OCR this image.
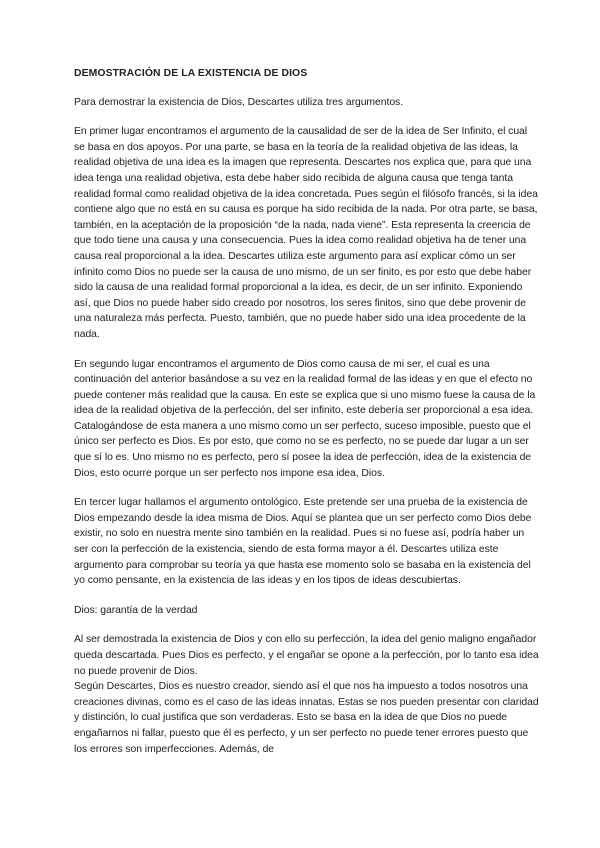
DEMOSTRACIÓN DE LA EXISTENCIA DE DIOS

Para demostrar la existencia de Dios, Descartes utiliza tres argumentos.

En primer lugar encontramos el argumento de la causalidad de ser de la idea de Ser Infinito, el cual se basa en dos apoyos. Por una parte, se basa en la teoría de la realidad objetiva de las ideas, la realidad objetiva de una idea es la imagen que representa. Descartes nos explica que, para que una idea tenga una realidad objetiva, esta debe haber sido recibida de alguna causa que tenga tanta realidad formal como realidad objetiva de la idea concretada. Pues según el filósofo francés, si la idea contiene algo que no está en su causa es porque ha sido recibida de la nada. Por otra parte, se basa, también, en la aceptación de la proposición “de la nada, nada viene”. Esta representa la creencia de que todo tiene una causa y una consecuencia. Pues la idea como realidad objetiva ha de tener una causa real proporcional a la idea. Descartes utiliza este argumento para así explicar cómo un ser infinito como Dios no puede ser la causa de uno mismo, de un ser finito, es por esto que debe haber sido la causa de una realidad formal proporcional a la idea, es decir, de un ser infinito. Exponiendo así, que Dios no puede haber sido creado por nosotros, los seres finitos, sino que debe provenir de una naturaleza más perfecta. Puesto, también, que no puede haber sido una idea procedente de la nada.

En segundo lugar encontramos el argumento de Dios como causa de mi ser, el cual es una continuación del anterior basándose a su vez en la realidad formal de las ideas y en que el efecto no puede contener más realidad que la causa. En este se explica que si uno mismo fuese la causa de la idea de la realidad objetiva de la perfección, del ser infinito, este debería ser proporcional a esa idea. Catalogándose de esta manera a uno mismo como un ser perfecto, suceso imposible, puesto que el único ser perfecto es Dios. Es por esto, que como no se es perfecto, no se puede dar lugar a un ser que sí lo es. Uno mismo no es perfecto, pero sí posee la idea de perfección, idea de la existencia de Dios, esto ocurre porque un ser perfecto nos impone esa idea, Dios.

En tercer lugar hallamos el argumento ontológico. Este pretende ser una prueba de la existencia de Dios empezando desde la idea misma de Dios. Aquí se plantea que un ser perfecto como Dios debe existir, no solo en nuestra mente sino también en la realidad. Pues si no fuese así, podría haber un ser con la perfección de la existencia, siendo de esta forma mayor a él. Descartes utiliza este argumento para comprobar su teoría ya que hasta ese momento solo se basaba en la existencia del yo como pensante, en la existencia de las ideas y en los tipos de ideas descubiertas.

Dios: garantía de la verdad

Al ser demostrada la existencia de Dios y con ello su perfección, la idea del genio maligno engañador queda descartada. Pues Dios es perfecto, y el engañar se opone a la perfección, por lo tanto esa idea no puede provenir de Dios.

Según Descartes, Dios es nuestro creador, siendo así el que nos ha impuesto a todos nosotros una creaciones divinas, como es el caso de las ideas innatas. Estas se nos pueden presentar con claridad y distinción, lo cual justifica que son verdaderas. Esto se basa en la idea de que Dios no puede engañarnos ni fallar, puesto que él es perfecto, y un ser perfecto no puede tener errores puesto que los errores son imperfecciones. Además, de
